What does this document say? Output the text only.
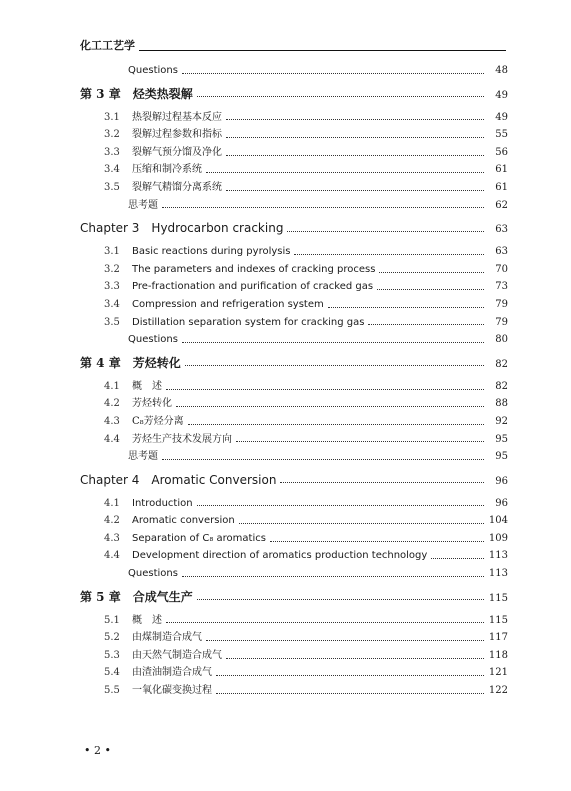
化工工艺学
Questions	48
第 3 章　烃类热裂解	49
3.1	热裂解过程基本反应	49
3.2	裂解过程参数和指标	55
3.3	裂解气预分馏及净化	56
3.4	压缩和制冷系统	61
3.5	裂解气精馏分离系统	61
思考题	62
Chapter 3　Hydrocarbon cracking	63
3.1	Basic reactions during pyrolysis	63
3.2	The parameters and indexes of cracking process	70
3.3	Pre-fractionation and purification of cracked gas	73
3.4	Compression and refrigeration system	79
3.5	Distillation separation system for cracking gas	79
Questions	80
第 4 章　芳烃转化	82
4.1	概　述	82
4.2	芳烃转化	88
4.3	C₈芳烃分离	92
4.4	芳烃生产技术发展方向	95
思考题	95
Chapter 4　Aromatic Conversion	96
4.1	Introduction	96
4.2	Aromatic conversion	104
4.3	Separation of C₈ aromatics	109
4.4	Development direction of aromatics production technology	113
Questions	113
第 5 章　合成气生产	115
5.1	概　述	115
5.2	由煤制造合成气	117
5.3	由天然气制造合成气	118
5.4	由渣油制造合成气	121
5.5	一氧化碳变换过程	122
• 2 •
